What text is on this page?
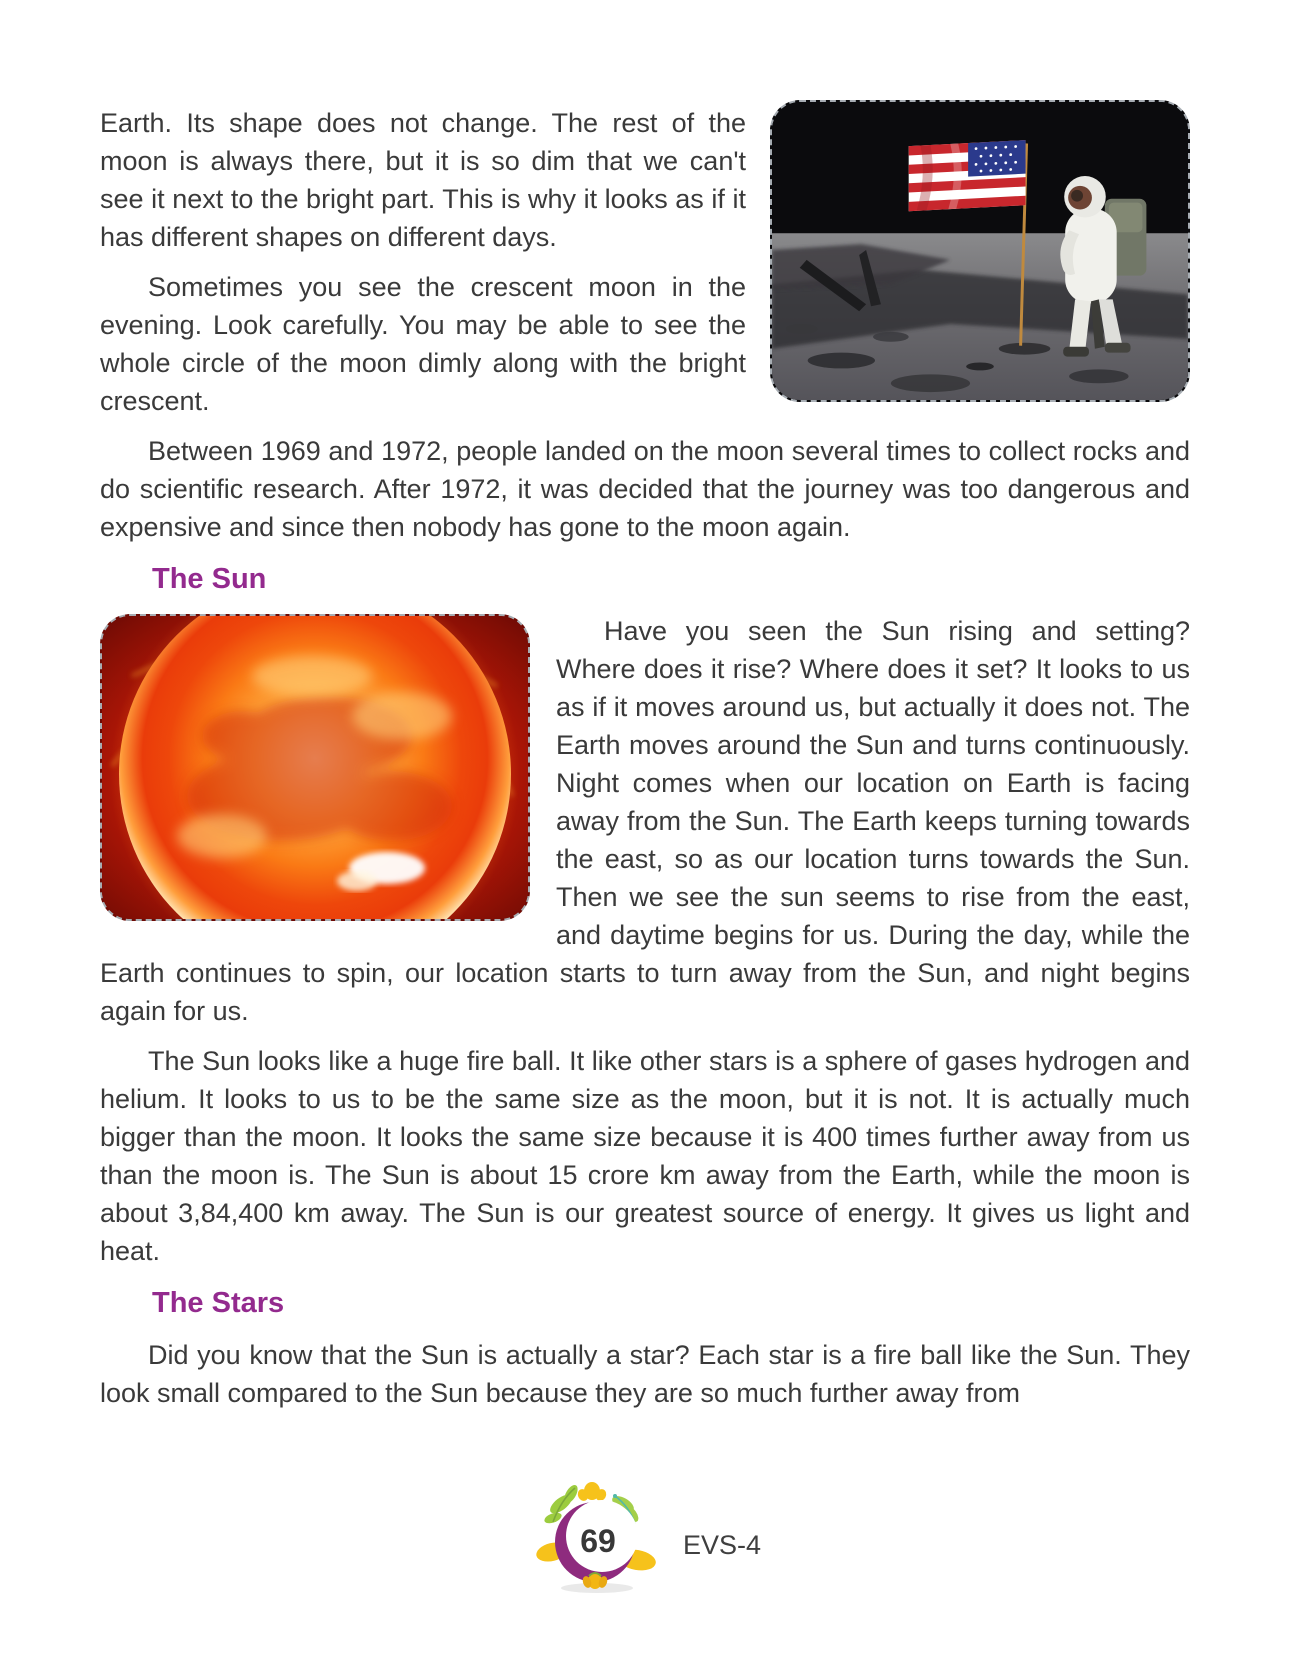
Earth. Its shape does not change. The rest of the moon is always there, but it is so dim that we can't see it next to the bright part. This is why it looks as if it has different shapes on different days.

Sometimes you see the crescent moon in the evening. Look carefully. You may be able to see the whole circle of the moon dimly along with the bright crescent.

Between 1969 and 1972, people landed on the moon several times to collect rocks and do scientific research. After 1972, it was decided that the journey was too dangerous and expensive and since then nobody has gone to the moon again.

The Sun

Have you seen the Sun rising and setting? Where does it rise? Where does it set? It looks to us as if it moves around us, but actually it does not. The Earth moves around the Sun and turns continuously. Night comes when our location on Earth is facing away from the Sun. The Earth keeps turning towards the east, so as our location turns towards the Sun. Then we see the sun seems to rise from the east, and daytime begins for us. During the day, while the Earth continues to spin, our location starts to turn away from the Sun, and night begins again for us.

The Sun looks like a huge fire ball. It like other stars is a sphere of gases hydrogen and helium. It looks to us to be the same size as the moon, but it is not. It is actually much bigger than the moon. It looks the same size because it is 400 times further away from us than the moon is. The Sun is about 15 crore km away from the Earth, while the moon is about 3,84,400 km away. The Sun is our greatest source of energy. It gives us light and heat.

The Stars

Did you know that the Sun is actually a star? Each star is a fire ball like the Sun. They look small compared to the Sun because they are so much further away from

69 EVS-4
